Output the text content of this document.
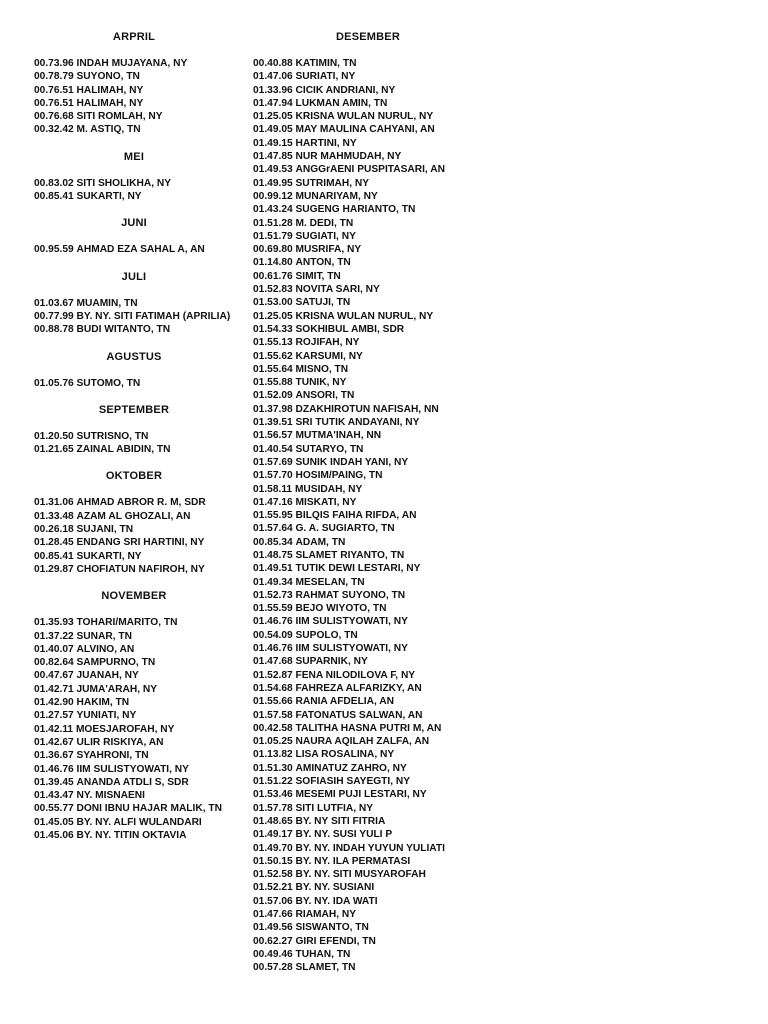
ARPRIL
00.73.96 INDAH MUJAYANA, NY
00.78.79 SUYONO, TN
00.76.51 HALIMAH, NY
00.76.51 HALIMAH, NY
00.76.68 SITI ROMLAH, NY
00.32.42 M. ASTIQ, TN
MEI
00.83.02 SITI SHOLIKHA, NY
00.85.41 SUKARTI, NY
JUNI
00.95.59 AHMAD EZA SAHAL A, AN
JULI
01.03.67 MUAMIN, TN
00.77.99 BY. NY. SITI FATIMAH (APRILIA)
00.88.78 BUDI WITANTO, TN
AGUSTUS
01.05.76 SUTOMO, TN
SEPTEMBER
01.20.50 SUTRISNO, TN
01.21.65 ZAINAL ABIDIN, TN
OKTOBER
01.31.06 AHMAD ABROR R. M, SDR
01.33.48 AZAM AL GHOZALI, AN
00.26.18 SUJANI, TN
01.28.45 ENDANG SRI HARTINI, NY
00.85.41 SUKARTI, NY
01.29.87 CHOFIATUN NAFIROH, NY
NOVEMBER
01.35.93 TOHARI/MARITO, TN
01.37.22 SUNAR, TN
01.40.07 ALVINO, AN
00.82.64 SAMPURNO, TN
00.47.67 JUANAH, NY
01.42.71 JUMA'ARAH, NY
01.42.90 HAKIM, TN
01.27.57 YUNIATI, NY
01.42.11 MOESJAROFAH, NY
01.42.67 ULIR RISKIYA, AN
01.36.67 SYAHRONI, TN
01.46.76 IIM SULISTYOWATI, NY
01.39.45 ANANDA ATDLI S, SDR
01.43.47 NY. MISNAENI
00.55.77 DONI IBNU HAJAR MALIK, TN
01.45.05 BY. NY. ALFI WULANDARI
01.45.06 BY. NY. TITIN OKTAVIA
DESEMBER
00.40.88 KATIMIN, TN
01.47.06 SURIATI, NY
01.33.96 CICIK ANDRIANI, NY
01.47.94 LUKMAN AMIN, TN
01.25.05 KRISNA WULAN NURUL, NY
01.49.05 MAY MAULINA CAHYANI, AN
01.49.15 HARTINI, NY
01.47.85 NUR MAHMUDAH, NY
01.49.53 ANGGrAENI PUSPITASARI, AN
01.49.95 SUTRIMAH, NY
00.99.12 MUNARIYAM, NY
01.43.24 SUGENG HARIANTO, TN
01.51.28 M. DEDI, TN
01.51.79 SUGIATI, NY
00.69.80 MUSRIFA, NY
01.14.80 ANTON, TN
00.61.76 SIMIT, TN
01.52.83 NOVITA SARI, NY
01.53.00 SATUJI, TN
01.25.05 KRISNA WULAN NURUL, NY
01.54.33 SOKHIBUL AMBI, SDR
01.55.13 ROJIFAH, NY
01.55.62 KARSUMI, NY
01.55.64 MISNO, TN
01.55.88 TUNIK, NY
01.52.09 ANSORI, TN
01.37.98 DZAKHIROTUN NAFISAH, NN
01.39.51 SRI TUTIK ANDAYANI, NY
01.56.57 MUTMA'INAH, NN
01.40.54 SUTARYO, TN
01.57.69 SUNIK INDAH YANI, NY
01.57.70 HOSIM/PAING, TN
01.58.11 MUSIDAH, NY
01.47.16 MISKATI, NY
01.55.95 BILQIS FAIHA RIFDA, AN
01.57.64 G. A. SUGIARTO, TN
00.85.34 ADAM, TN
01.48.75 SLAMET RIYANTO, TN
01.49.51 TUTIK DEWI LESTARI, NY
01.49.34 MESELAN, TN
01.52.73 RAHMAT SUYONO, TN
01.55.59 BEJO WIYOTO, TN
01.46.76 IIM SULISTYOWATI, NY
00.54.09 SUPOLO, TN
01.46.76 IIM SULISTYOWATI, NY
01.47.68 SUPARNIK, NY
01.52.87 FENA NILODILOVA F, NY
01.54.68 FAHREZA ALFARIZKY, AN
01.55.66 RANIA AFDELIA, AN
01.57.58 FATONATUS SALWAN, AN
00.42.58 TALITHA HASNA PUTRI M, AN
01.05.25 NAURA AQILAH ZALFA, AN
01.13.82 LISA ROSALINA, NY
01.51.30 AMINATUZ ZAHRO, NY
01.51.22 SOFIASIH SAYEGTI, NY
01.53.46 MESEMI PUJI LESTARI, NY
01.57.78 SITI LUTFIA, NY
01.48.65 BY. NY SITI FITRIA
01.49.17 BY. NY. SUSI YULI P
01.49.70 BY. NY. INDAH YUYUN YULIATI
01.50.15 BY. NY. ILA PERMATASI
01.52.58 BY. NY. SITI MUSYAROFAH
01.52.21 BY. NY. SUSIANI
01.57.06 BY. NY. IDA WATI
01.47.66 RIAMAH, NY
01.49.56 SISWANTO, TN
00.62.27 GIRI EFENDI, TN
00.49.46 TUHAN, TN
00.57.28 SLAMET, TN
